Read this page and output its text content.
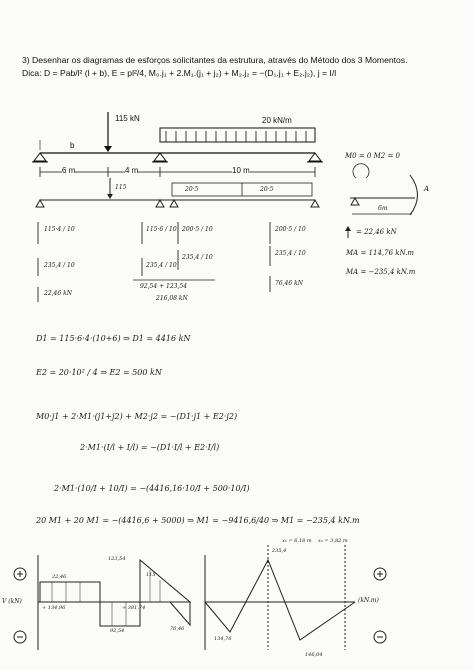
3) Desenhar os diagramas de esforços solicitantes da estrutura, através do Método dos 3 Momentos.
Dica: D = Pab/l² (l + b), E = pl²/4, M₀.j₁ + 2.M₁.(j₁ + j₂) + M₂.j₂ = −(D₁.j₁ + E₂.j₂), j = I/l
115 kN	20 kN/m
b
6 m	4 m	10 m
115	20·5	20·5
115·4 / 10
235,4 / 10
22,46 kN
115·6 / 10
235,4 / 10
200·5 / 10
235,4 / 10
92,54 + 123,54
216,08 kN
200·5 / 10
235,4 / 10
76,46 kN
M0 = 0 M2 = 0
6m
A
= 22,46 kN
MA = 114,76 kN.m
MA = −235,4 kN.m
D1 = 115·6·4·(10+6) ⇒ D1 = 4416 kN
E2 = 20·10² / 4 ⇒ E2 = 500 kN
M0·j1 + 2·M1·(j1+j2) + M2·j2 = −(D1·j1 + E2·j2)
2·M1·(I/l + I/l) = −(D1·I/l + E2·I/l)
2·M1·(10/I + 10/I) = −(4416,16·10/I + 500·10/I)
20 M1 + 20 M1 = −(4416,6 + 5000) ⇒ M1 = −9416,6/40 ⇒ M1 = −235,4 kN.m
V (kN)
22,46	115
92,54
123,54
76,46
+ 134,96	+ 381,74
(kN.m)
235,4
x₁ = 6,18 m x₂ = 3,82 m
134,76
146,04
